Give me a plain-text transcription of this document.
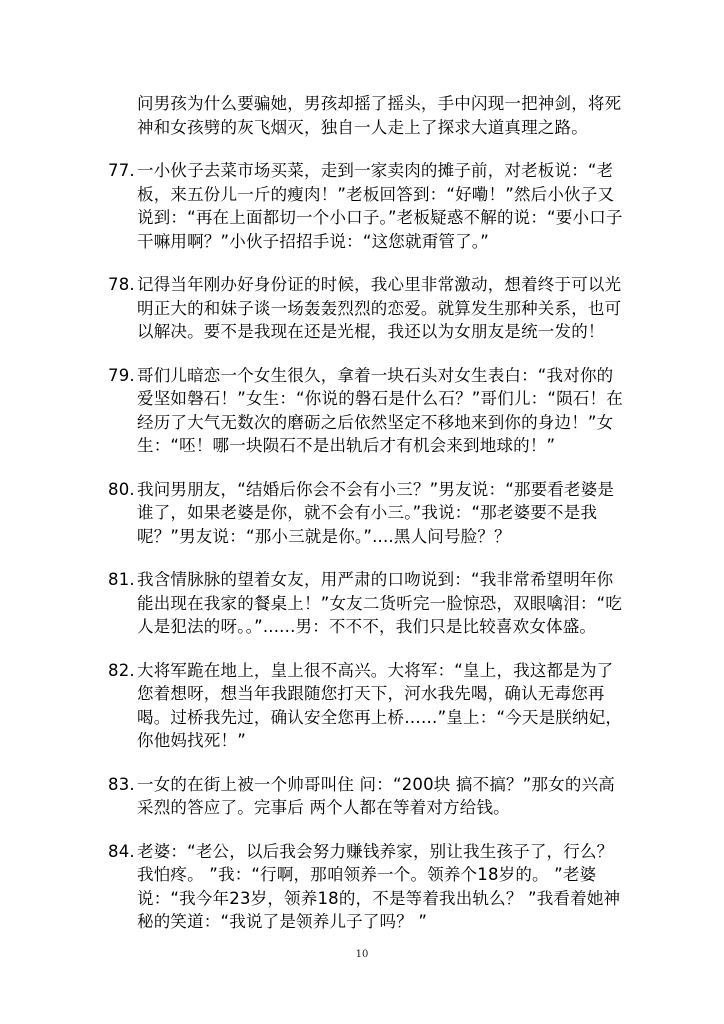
问男孩为什么要骗她，男孩却摇了摇头，手中闪现一把神剑，将死神和女孩劈的灰飞烟灭，独自一人走上了探求大道真理之路。
77. 一小伙子去菜市场买菜，走到一家卖肉的摊子前，对老板说：“老板，来五份儿一斤的瘦肉！”老板回答到：“好嘞！”然后小伙子又说到：“再在上面都切一个小口子。”老板疑惑不解的说：“要小口子干嘛用啊？”小伙子招招手说：“这您就甭管了。”
78. 记得当年刚办好身份证的时候，我心里非常激动，想着终于可以光明正大的和妹子谈一场轰轰烈烈的恋爱。就算发生那种关系，也可以解决。要不是我现在还是光棍，我还以为女朋友是统一发的！
79. 哥们儿暗恋一个女生很久，拿着一块石头对女生表白：“我对你的爱坚如磐石！”女生：“你说的磐石是什么石？”哥们儿：“陨石！在经历了大气无数次的磨砺之后依然坚定不移地来到你的身边！”女生：“呸！哪一块陨石不是出轨后才有机会来到地球的！”
80. 我问男朋友，“结婚后你会不会有小三？”男友说：“那要看老婆是谁了，如果老婆是你，就不会有小三。”我说：“那老婆要不是我呢？”男友说：“那小三就是你。”....黑人问号脸？？
81. 我含情脉脉的望着女友，用严肃的口吻说到：“我非常希望明年你能出现在我家的餐桌上！”女友二货听完一脸惊恐，双眼噙泪：“吃人是犯法的呀。。”......男：不不不，我们只是比较喜欢女体盛。
82. 大将军跪在地上，皇上很不高兴。大将军：“皇上，我这都是为了您着想呀，想当年我跟随您打天下，河水我先喝，确认无毒您再喝。过桥我先过，确认安全您再上桥……”皇上：“今天是朕纳妃，你他妈找死！”
83. 一女的在街上被一个帅哥叫住 问：“200块 搞不搞？”那女的兴高采烈的答应了。完事后 两个人都在等着对方给钱。
84. 老婆：“老公，以后我会努力赚钱养家，别让我生孩子了，行么？我怕疼。 ”我：“行啊，那咱领养一个。领养个18岁的。 ”老婆说：“我今年23岁，领养18的，不是等着我出轨么？ ”我看着她神秘的笑道：“我说了是领养儿子了吗？ ”
10
